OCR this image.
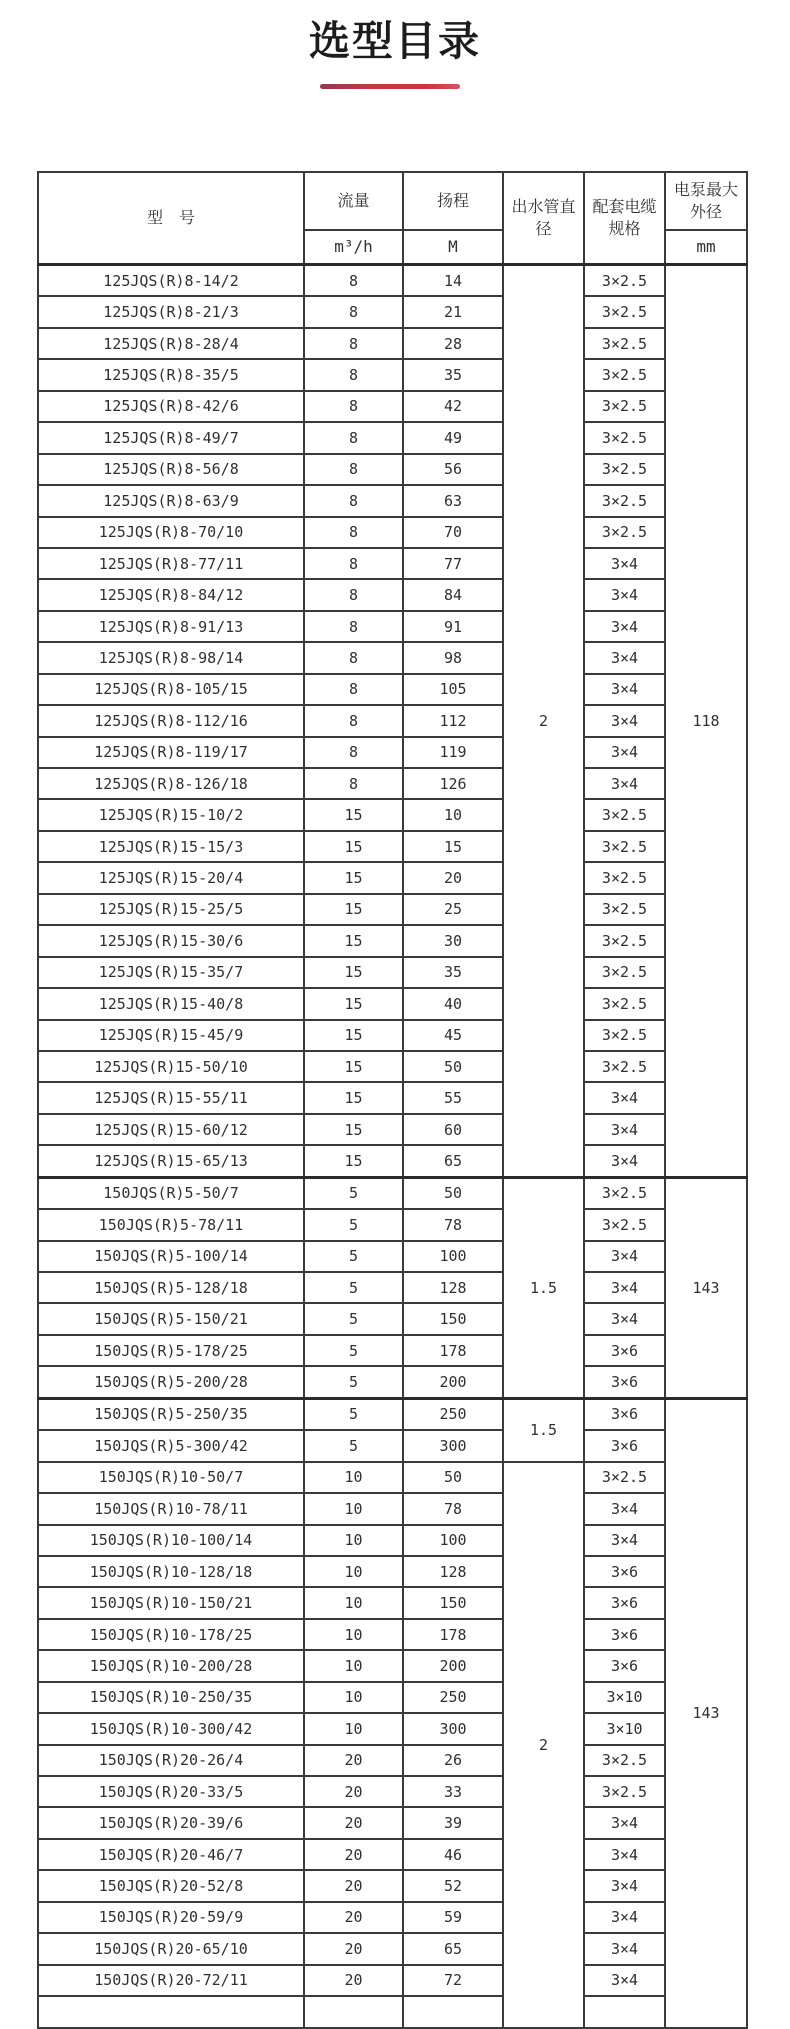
选型目录
型　号	流量	扬程	出水管直径	配套电缆规格	电泵最大外径
	m³/h	M			mm
125JQS(R)8-14/2	8	14	2	3×2.5	118
125JQS(R)8-21/3	8	21		3×2.5	
125JQS(R)8-28/4	8	28		3×2.5	
125JQS(R)8-35/5	8	35		3×2.5	
125JQS(R)8-42/6	8	42		3×2.5	
125JQS(R)8-49/7	8	49		3×2.5	
125JQS(R)8-56/8	8	56		3×2.5	
125JQS(R)8-63/9	8	63		3×2.5	
125JQS(R)8-70/10	8	70		3×2.5	
125JQS(R)8-77/11	8	77		3×4	
125JQS(R)8-84/12	8	84		3×4	
125JQS(R)8-91/13	8	91		3×4	
125JQS(R)8-98/14	8	98		3×4	
125JQS(R)8-105/15	8	105		3×4	
125JQS(R)8-112/16	8	112		3×4	
125JQS(R)8-119/17	8	119		3×4	
125JQS(R)8-126/18	8	126		3×4	
125JQS(R)15-10/2	15	10		3×2.5	
125JQS(R)15-15/3	15	15		3×2.5	
125JQS(R)15-20/4	15	20		3×2.5	
125JQS(R)15-25/5	15	25		3×2.5	
125JQS(R)15-30/6	15	30		3×2.5	
125JQS(R)15-35/7	15	35		3×2.5	
125JQS(R)15-40/8	15	40		3×2.5	
125JQS(R)15-45/9	15	45		3×2.5	
125JQS(R)15-50/10	15	50		3×2.5	
125JQS(R)15-55/11	15	55		3×4	
125JQS(R)15-60/12	15	60		3×4	
125JQS(R)15-65/13	15	65		3×4	
150JQS(R)5-50/7	5	50	1.5	3×2.5	143
150JQS(R)5-78/11	5	78		3×2.5	
150JQS(R)5-100/14	5	100		3×4	
150JQS(R)5-128/18	5	128		3×4	
150JQS(R)5-150/21	5	150		3×4	
150JQS(R)5-178/25	5	178		3×6	
150JQS(R)5-200/28	5	200		3×6	
150JQS(R)5-250/35	5	250	1.5	3×6	143
150JQS(R)5-300/42	5	300		3×6	
150JQS(R)10-50/7	10	50	2	3×2.5	
150JQS(R)10-78/11	10	78		3×4	
150JQS(R)10-100/14	10	100		3×4	
150JQS(R)10-128/18	10	128		3×6	
150JQS(R)10-150/21	10	150		3×6	
150JQS(R)10-178/25	10	178		3×6	
150JQS(R)10-200/28	10	200		3×6	
150JQS(R)10-250/35	10	250		3×10	
150JQS(R)10-300/42	10	300		3×10	
150JQS(R)20-26/4	20	26		3×2.5	
150JQS(R)20-33/5	20	33		3×2.5	
150JQS(R)20-39/6	20	39		3×4	
150JQS(R)20-46/7	20	46		3×4	
150JQS(R)20-52/8	20	52		3×4	
150JQS(R)20-59/9	20	59		3×4	
150JQS(R)20-65/10	20	65		3×4	
150JQS(R)20-72/11	20	72		3×4	
